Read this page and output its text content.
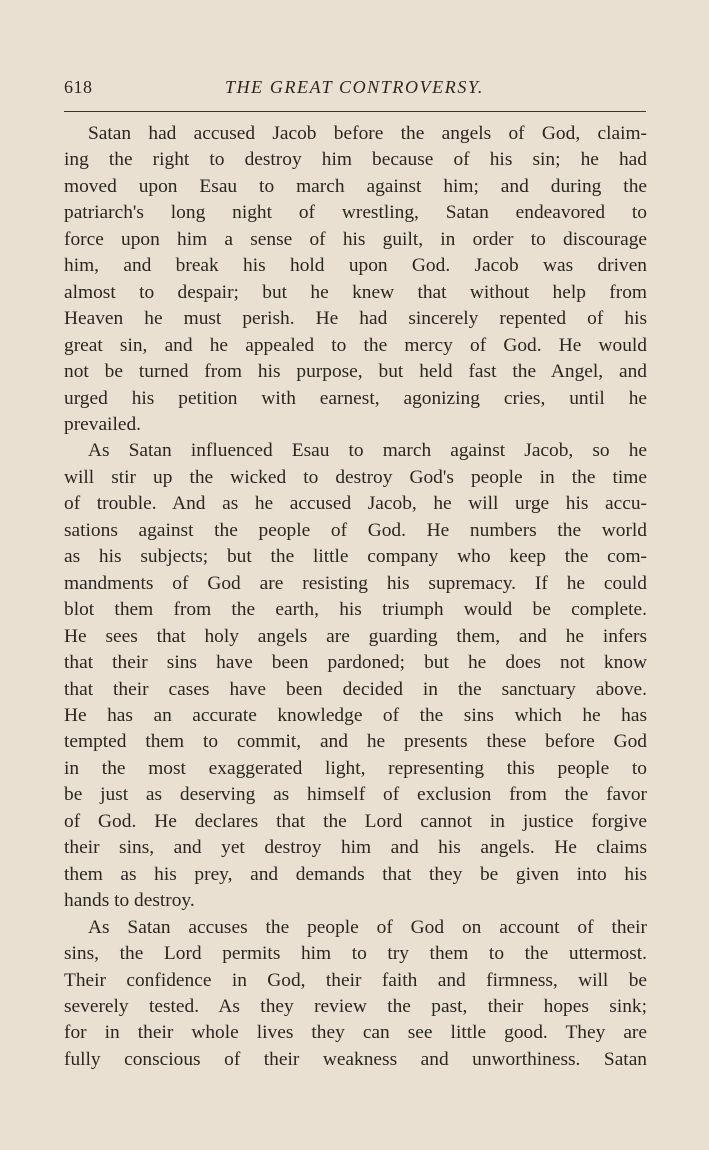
618	THE GREAT CONTROVERSY.

Satan had accused Jacob before the angels of God, claim-
ing the right to destroy him because of his sin; he had
moved upon Esau to march against him; and during the
patriarch's long night of wrestling, Satan endeavored to
force upon him a sense of his guilt, in order to discourage
him, and break his hold upon God. Jacob was driven
almost to despair; but he knew that without help from
Heaven he must perish. He had sincerely repented of his
great sin, and he appealed to the mercy of God. He would
not be turned from his purpose, but held fast the Angel, and
urged his petition with earnest, agonizing cries, until he
prevailed.

As Satan influenced Esau to march against Jacob, so he
will stir up the wicked to destroy God's people in the time
of trouble. And as he accused Jacob, he will urge his accu-
sations against the people of God. He numbers the world
as his subjects; but the little company who keep the com-
mandments of God are resisting his supremacy. If he could
blot them from the earth, his triumph would be complete.
He sees that holy angels are guarding them, and he infers
that their sins have been pardoned; but he does not know
that their cases have been decided in the sanctuary above.
He has an accurate knowledge of the sins which he has
tempted them to commit, and he presents these before God
in the most exaggerated light, representing this people to
be just as deserving as himself of exclusion from the favor
of God. He declares that the Lord cannot in justice forgive
their sins, and yet destroy him and his angels. He claims
them as his prey, and demands that they be given into his
hands to destroy.

As Satan accuses the people of God on account of their
sins, the Lord permits him to try them to the uttermost.
Their confidence in God, their faith and firmness, will be
severely tested. As they review the past, their hopes sink;
for in their whole lives they can see little good. They are
fully conscious of their weakness and unworthiness. Satan
